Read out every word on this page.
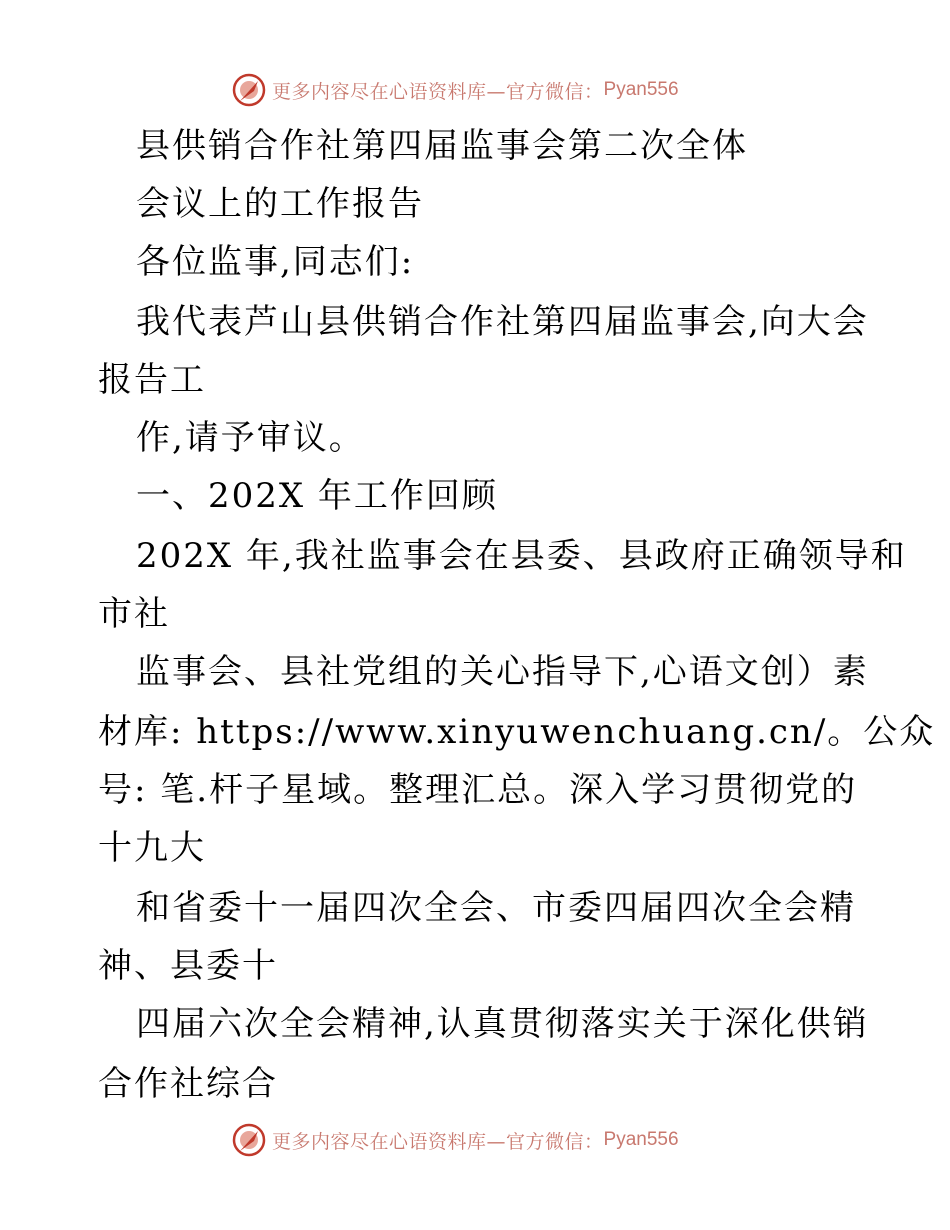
更多内容尽在心语资料库—官方微信： Pyan556
县供销合作社第四届监事会第二次全体
会议上的工作报告
各位监事,同志们:
我代表芦山县供销合作社第四届监事会,向大会
报告工
作,请予审议。
一、202X 年工作回顾
202X 年,我社监事会在县委、县政府正确领导和
市社
监事会、县社党组的关心指导下,心语文创）素
材库: https://www.xinyuwenchuang.cn/。公众
号: 笔.杆子星域。整理汇总。深入学习贯彻党的
十九大
和省委十一届四次全会、市委四届四次全会精
神、县委十
四届六次全会精神,认真贯彻落实关于深化供销
合作社综合
更多内容尽在心语资料库—官方微信： Pyan556
